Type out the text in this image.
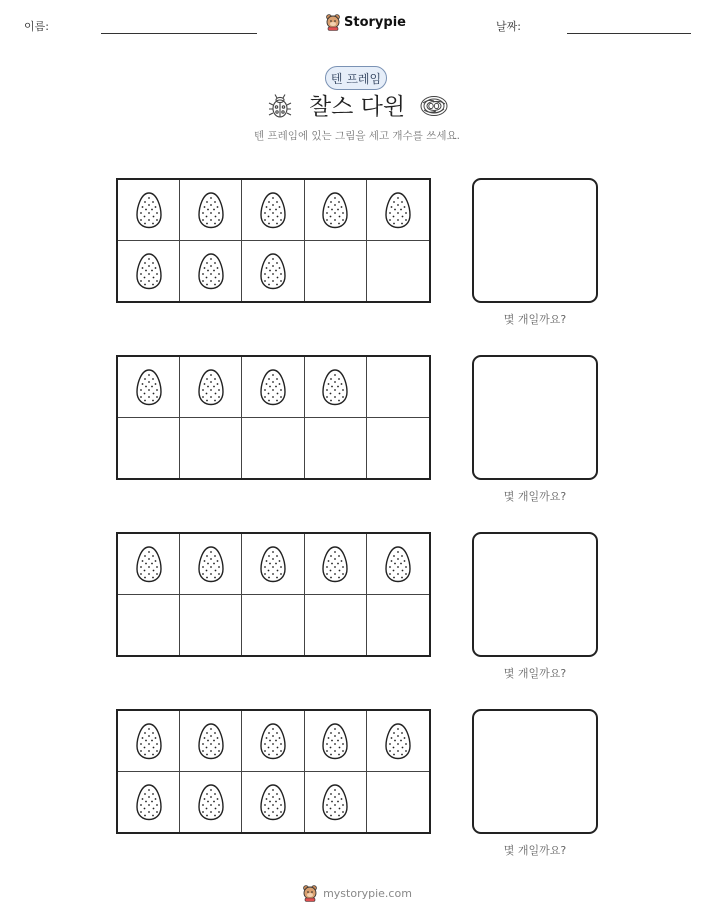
이름:	Storypie	날짜:
텐 프레임
찰스 다윈
텐 프레임에 있는 그림을 세고 개수를 쓰세요.
몇 개일까요?
몇 개일까요?
몇 개일까요?
몇 개일까요?
mystorypie.com
